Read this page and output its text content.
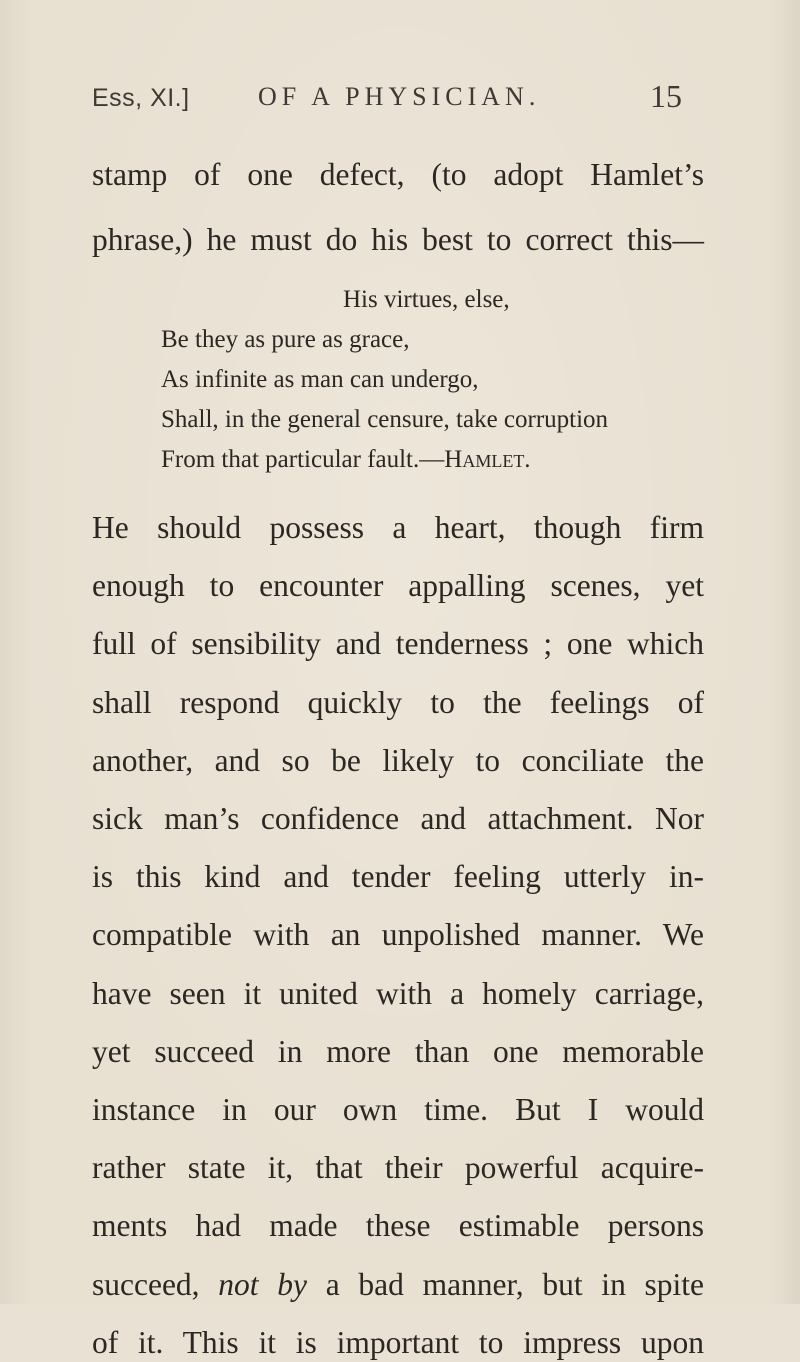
Ess, XI.]	OF A PHYSICIAN.	15
stamp of one defect, (to adopt Hamlet’s
phrase,) he must do his best to correct this—
His virtues, else,
Be they as pure as grace,
As infinite as man can undergo,
Shall, in the general censure, take corruption
From that particular fault.—Hamlet.
He should possess a heart, though firm
enough to encounter appalling scenes, yet
full of sensibility and tenderness ; one which
shall respond quickly to the feelings of
another, and so be likely to conciliate the
sick man’s confidence and attachment. Nor
is this kind and tender feeling utterly in-
compatible with an unpolished manner. We
have seen it united with a homely carriage,
yet succeed in more than one memorable
instance in our own time. But I would
rather state it, that their powerful acquire-
ments had made these estimable persons
succeed, not by a bad manner, but in spite
of it. This it is important to impress upon
